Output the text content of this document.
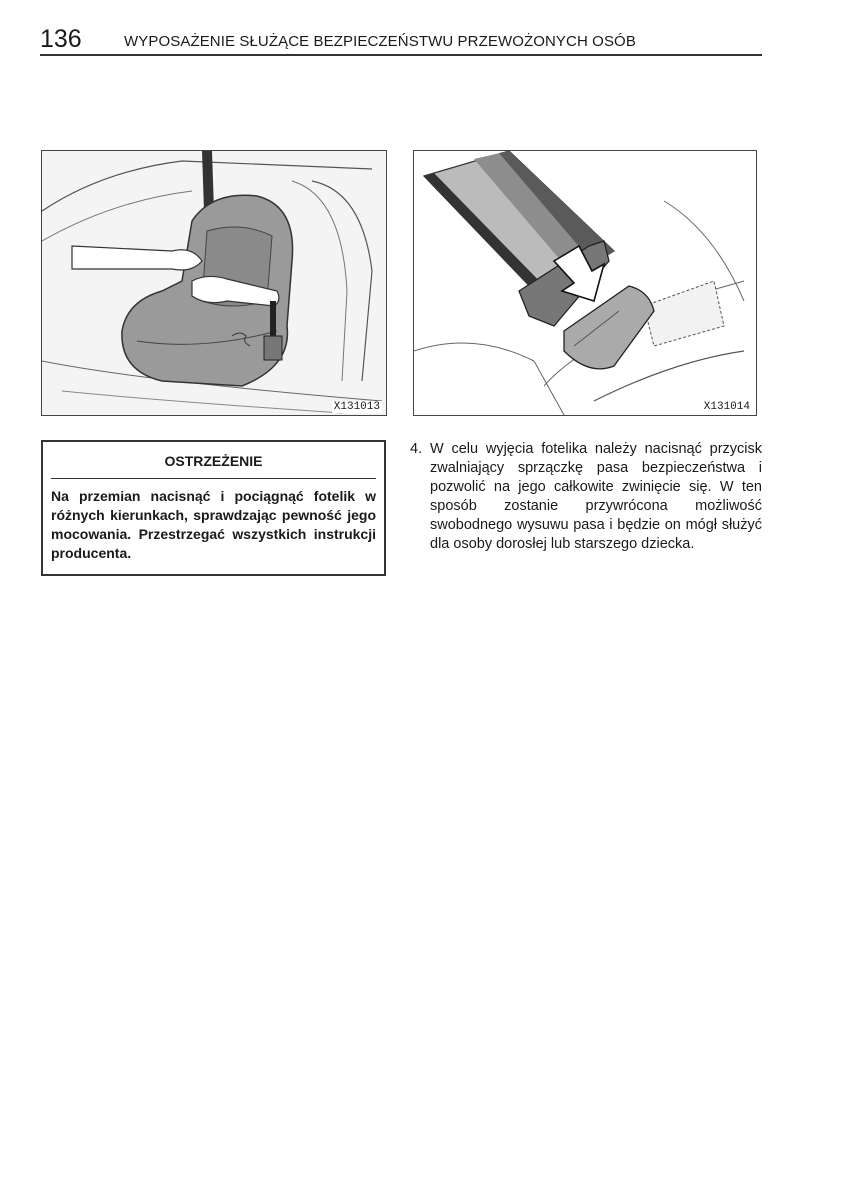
136	WYPOSAŻENIE SŁUŻĄCE BEZPIECZEŃSTWU PRZEWOŻONYCH OSÓB
X131013	X131014
OSTRZEŻENIE
Na przemian nacisnąć i pociągnąć fotelik w różnych kierunkach, sprawdzając pewność jego mocowania. Przestrzegać wszystkich instrukcji producenta.
4. W celu wyjęcia fotelika należy nacisnąć przycisk zwalniający sprzączkę pasa bezpieczeństwa i pozwolić na jego całkowite zwinięcie się. W ten sposób zostanie przywrócona możliwość swobodnego wysuwu pasa i będzie on mógł służyć dla osoby dorosłej lub starszego dziecka.
